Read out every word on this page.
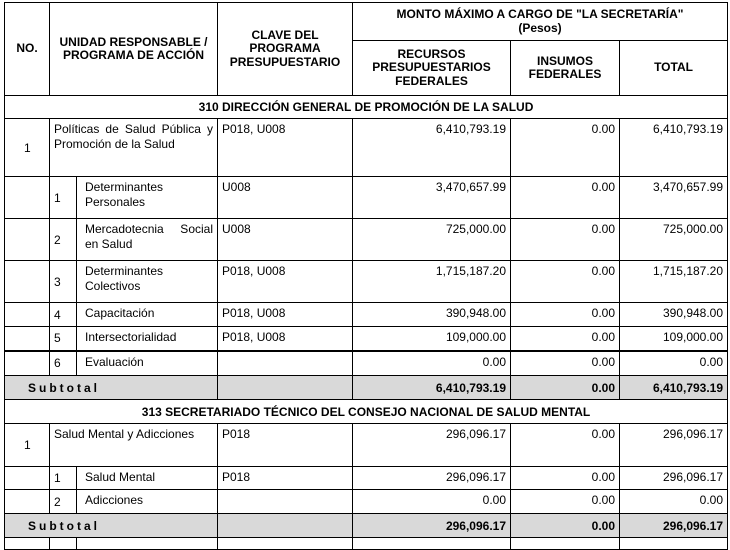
NO.	UNIDAD RESPONSABLE / PROGRAMA DE ACCIÓN		CLAVE DEL PROGRAMA PRESUPUESTARIO	MONTO MÁXIMO A CARGO DE "LA SECRETARÍA"
(Pesos)		

				RECURSOS PRESUPUESTARIOS FEDERALES	INSUMOS FEDERALES	TOTAL
310 DIRECCIÓN GENERAL DE PROMOCIÓN DE LA SALUD						
1	Políticas de Salud Pública y Promoción de la Salud		P018, U008	6,410,793.19	0.00	6,410,793.19
	1	Determinantes Personales	U008	3,470,657.99	0.00	3,470,657.99
	2	Mercadotecnia Social en Salud	U008	725,000.00	0.00	725,000.00
	3	Determinantes Colectivos	P018, U008	1,715,187.20	0.00	1,715,187.20
	4	Capacitación	P018, U008	390,948.00	0.00	390,948.00
	5	Intersectorialidad	P018, U008	109,000.00	0.00	109,000.00
	6	Evaluación		0.00	0.00	0.00
Subtotal				6,410,793.19	0.00	6,410,793.19
313 SECRETARIADO TÉCNICO DEL CONSEJO NACIONAL DE SALUD MENTAL						
1	Salud Mental y Adicciones		P018	296,096.17	0.00	296,096.17
	1	Salud Mental	P018	296,096.17	0.00	296,096.17
	2	Adicciones		0.00	0.00	0.00
Subtotal				296,096.17	0.00	296,096.17
